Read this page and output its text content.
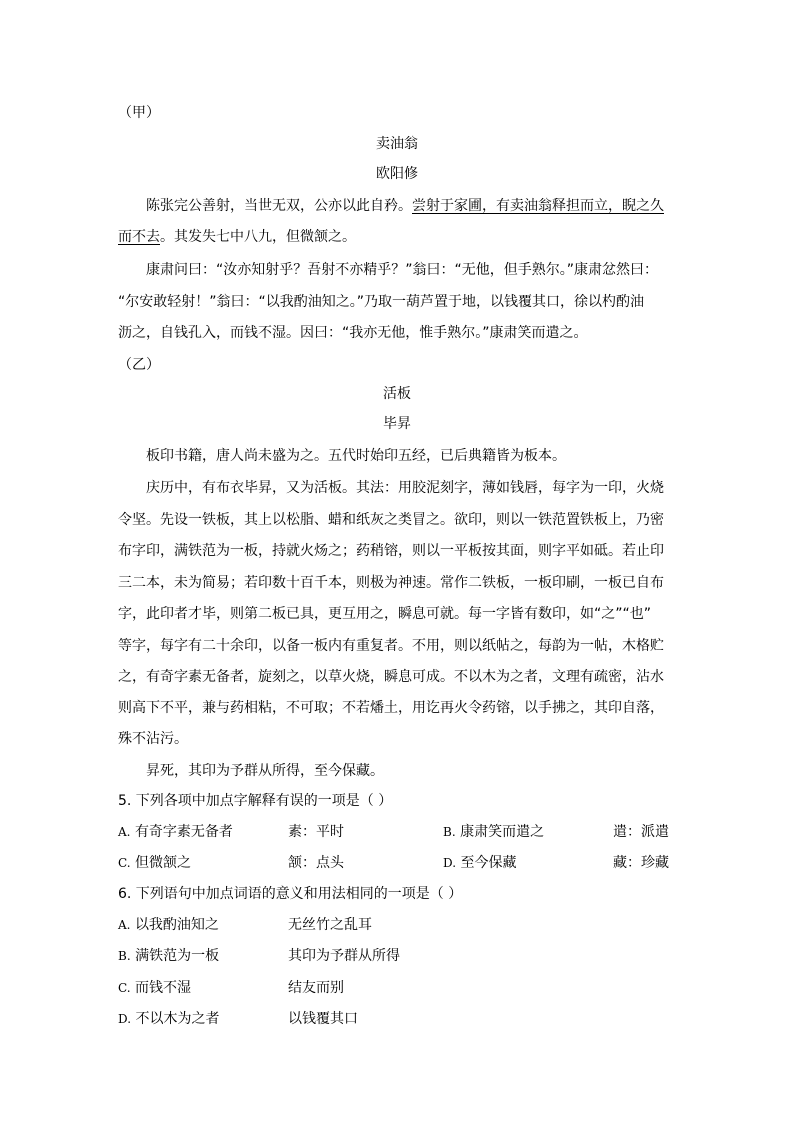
（甲）
卖油翁
欧阳修
陈张完公善射，当世无双，公亦以此自矜。尝射于家圃，有卖油翁释担而立，睨之久
而不去。其发失七中八九，但微颔之。
康肃问曰：“汝亦知射乎？吾射不亦精乎？”翁曰：“无他，但手熟尔。”康肃忿然曰：
“尔安敢轻射！”翁曰：“以我酌油知之。”乃取一葫芦置于地，以钱覆其口，徐以杓酌油
沥之，自钱孔入，而钱不湿。因曰：“我亦无他，惟手熟尔。”康肃笑而遣之。
（乙）
活板
毕昇
板印书籍，唐人尚未盛为之。五代时始印五经，已后典籍皆为板本。
庆历中，有布衣毕昇，又为活板。其法：用胶泥刻字，薄如钱唇，每字为一印，火烧
令坚。先设一铁板，其上以松脂、蜡和纸灰之类冒之。欲印，则以一铁范置铁板上，乃密
布字印，满铁范为一板，持就火炀之；药稍镕，则以一平板按其面，则字平如砥。若止印
三二本，未为简易；若印数十百千本，则极为神速。常作二铁板，一板印刷，一板已自布
字，此印者才毕，则第二板已具，更互用之，瞬息可就。每一字皆有数印，如“之”“也”
等字，每字有二十余印，以备一板内有重复者。不用，则以纸帖之，每韵为一帖，木格贮
之，有奇字素无备者，旋刻之，以草火烧，瞬息可成。不以木为之者，文理有疏密，沾水
则高下不平，兼与药相粘，不可取；不若燔土，用讫再火令药镕，以手拂之，其印自落，
殊不沾污。
昇死，其印为予群从所得，至今保藏。
5. 下列各项中加点字解释有误的一项是（ ）
A. 有奇字素无备者	素：平时	B. 康肃笑而遣之	遣：派遣
C. 但微颔之	颔：点头	D. 至今保藏	藏：珍藏
6. 下列语句中加点词语的意义和用法相同的一项是（ ）
A. 以我酌油知之	无丝竹之乱耳
B. 满铁范为一板	其印为予群从所得
C. 而钱不湿	结友而别
D. 不以木为之者	以钱覆其口
